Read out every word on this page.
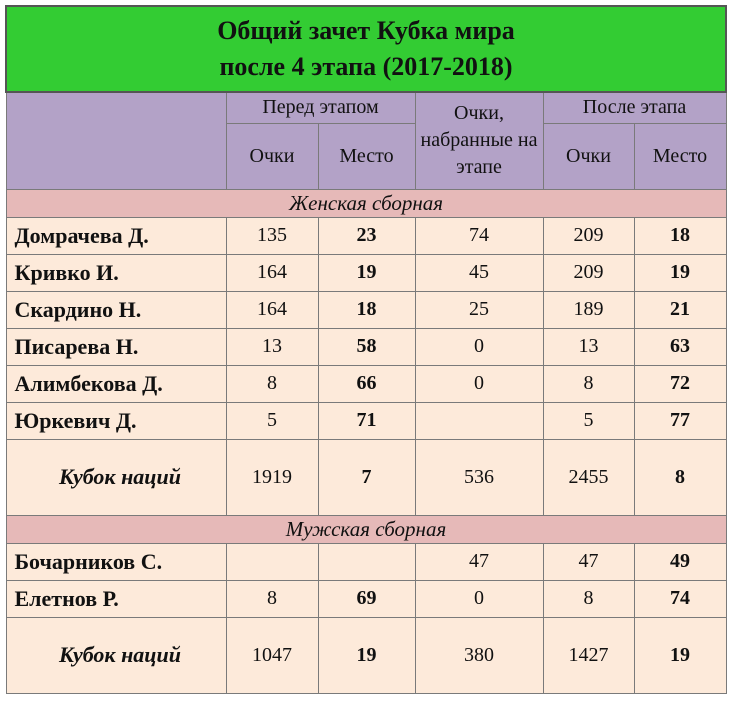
Общий зачет Кубка мира
после 4 этапа (2017-2018)					

	Перед этапом		Очки, набранные на этапе	После этапа	
	Очки	Место		Очки	Место
Женская сборная					
Домрачева Д.	135	23	74	209	18
Кривко И.	164	19	45	209	19
Скардино Н.	164	18	25	189	21
Писарева Н.	13	58	0	13	63
Алимбекова Д.	8	66	0	8	72
Юркевич Д.	5	71		5	77
Кубок наций	1919	7	536	2455	8
Мужская сборная					
Бочарников С.			47	47	49
Елетнов Р.	8	69	0	8	74
Кубок наций	1047	19	380	1427	19
